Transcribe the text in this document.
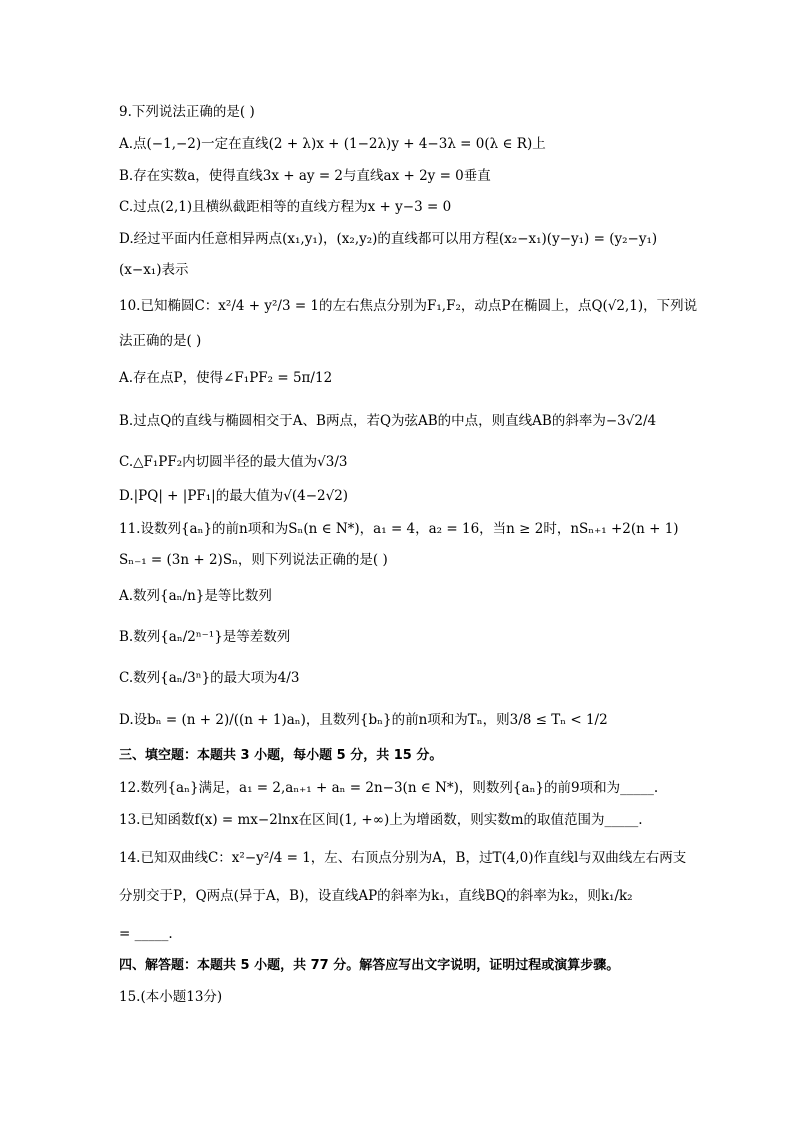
9.下列说法正确的是( )
A.点(−1,−2)一定在直线(2 + λ)x + (1−2λ)y + 4−3λ = 0(λ ∈ R)上
B.存在实数a，使得直线3x + ay = 2与直线ax + 2y = 0垂直
C.过点(2,1)且横纵截距相等的直线方程为x + y−3 = 0
D.经过平面内任意相异两点(x₁,y₁)，(x₂,y₂)的直线都可以用方程(x₂−x₁)(y−y₁) = (y₂−y₁)
(x−x₁)表示
10.已知椭圆C：x²/4 + y²/3 = 1的左右焦点分别为F₁,F₂，动点P在椭圆上，点Q(√2,1)，下列说
法正确的是( )
A.存在点P，使得∠F₁PF₂ = 5π/12
B.过点Q的直线与椭圆相交于A、B两点，若Q为弦AB的中点，则直线AB的斜率为−3√2/4
C.△F₁PF₂内切圆半径的最大值为√3/3
D.|PQ| + |PF₁|的最大值为√(4−2√2)
11.设数列{aₙ}的前n项和为Sₙ(n ∈ N*)，a₁ = 4，a₂ = 16，当n ≥ 2时，nSₙ₊₁ +2(n + 1)
Sₙ₋₁ = (3n + 2)Sₙ，则下列说法正确的是( )
A.数列{aₙ/n}是等比数列
B.数列{aₙ/2ⁿ⁻¹}是等差数列
C.数列{aₙ/3ⁿ}的最大项为4/3
D.设bₙ = (n + 2)/((n + 1)aₙ)，且数列{bₙ}的前n项和为Tₙ，则3/8 ≤ Tₙ < 1/2
三、填空题：本题共 3 小题，每小题 5 分，共 15 分。
12.数列{aₙ}满足，a₁ = 2,aₙ₊₁ + aₙ = 2n−3(n ∈ N*)，则数列{aₙ}的前9项和为_____.
13.已知函数f(x) = mx−2lnx在区间(1, +∞)上为增函数，则实数m的取值范围为_____.
14.已知双曲线C：x²−y²/4 = 1，左、右顶点分别为A，B，过T(4,0)作直线l与双曲线左右两支
分别交于P，Q两点(异于A，B)，设直线AP的斜率为k₁，直线BQ的斜率为k₂，则k₁/k₂
= _____.
四、解答题：本题共 5 小题，共 77 分。解答应写出文字说明，证明过程或演算步骤。
15.(本小题13分)
